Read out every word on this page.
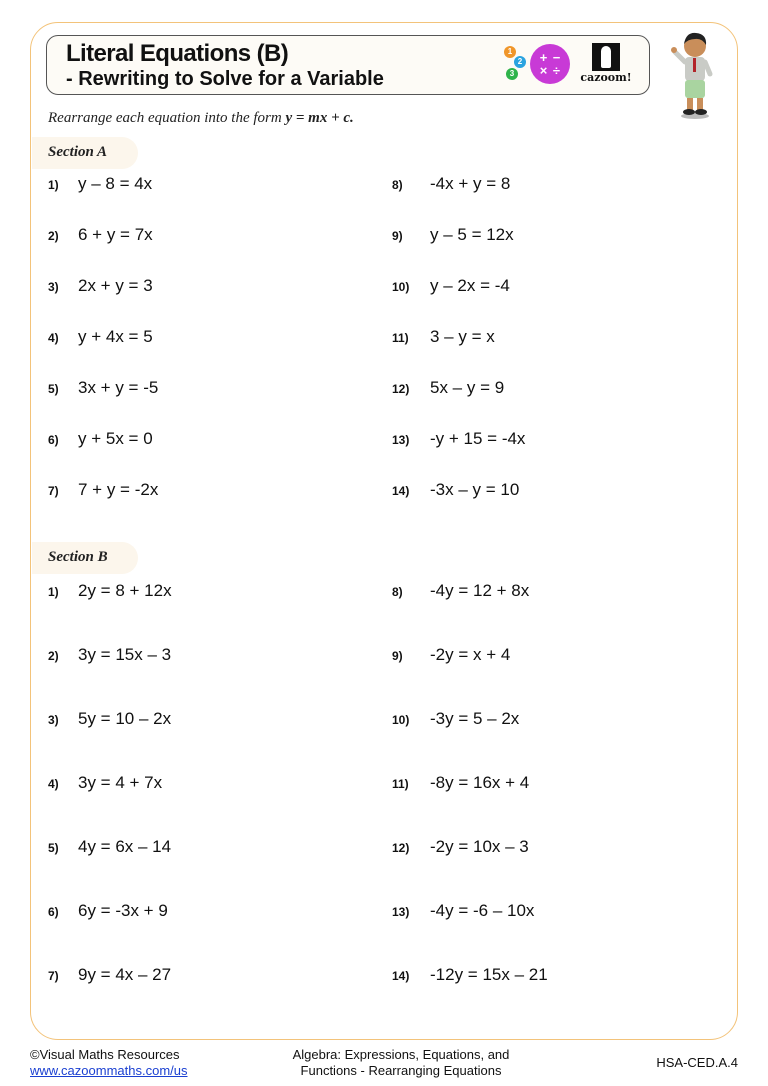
Literal Equations (B)
- Rewriting to Solve for a Variable
1
2
3
+ −
× ÷ cazoom!
Rearrange each equation into the form y = mx + c.
Section A
1)	y – 8 = 4x
2)	6 + y = 7x
3)	2x + y = 3
4)	y + 4x = 5
5)	3x + y = -5
6)	y + 5x = 0
7)	7 + y = -2x
8)	-4x + y = 8
9)	y – 5 = 12x
10)	y – 2x = -4
11)	3 – y = x
12)	5x – y = 9
13)	-y + 15 = -4x
14)	-3x – y = 10
Section B
1)	2y = 8 + 12x
2)	3y = 15x – 3
3)	5y = 10 – 2x
4)	3y = 4 + 7x
5)	4y = 6x – 14
6)	6y = -3x + 9
7)	9y = 4x – 27
8)	-4y = 12 + 8x
9)	-2y = x + 4
10)	-3y = 5 – 2x
11)	-8y = 16x + 4
12)	-2y = 10x – 3
13)	-4y = -6 – 10x
14)	-12y = 15x – 21
©Visual Maths Resources
www.cazoommaths.com/us
Algebra: Expressions, Equations, and
Functions - Rearranging Equations
HSA-CED.A.4
